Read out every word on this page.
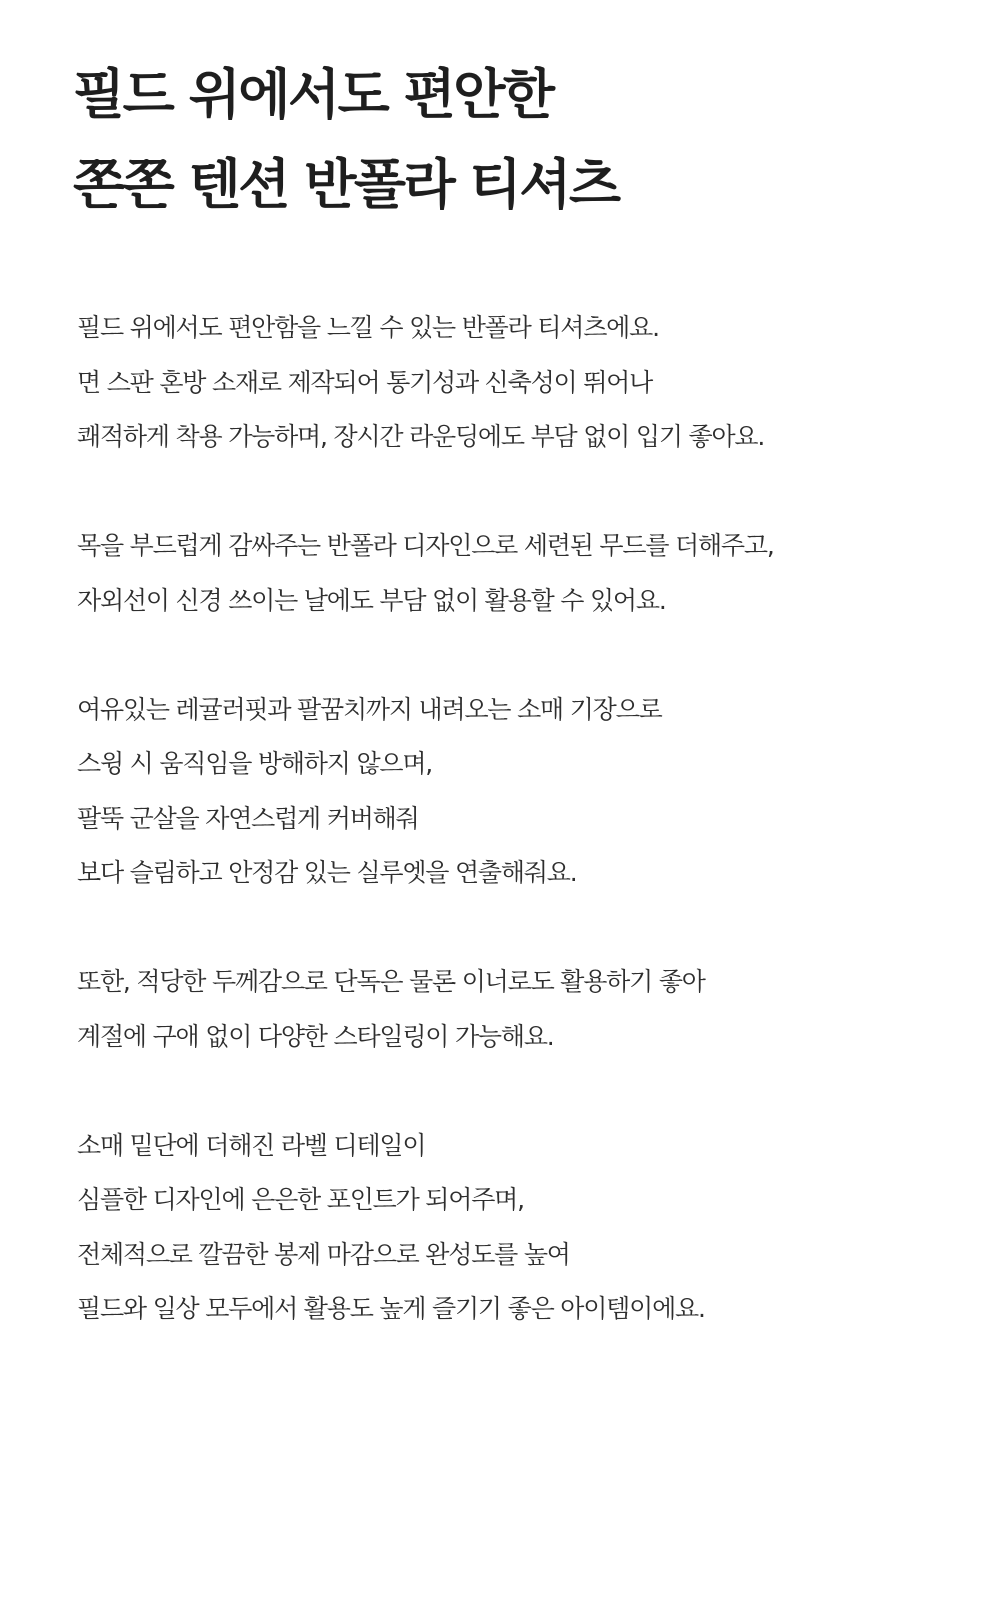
필드 위에서도 편안한
쫀쫀 텐션 반폴라 티셔츠

필드 위에서도 편안함을 느낄 수 있는 반폴라 티셔츠에요.
면 스판 혼방 소재로 제작되어 통기성과 신축성이 뛰어나
쾌적하게 착용 가능하며, 장시간 라운딩에도 부담 없이 입기 좋아요.

목을 부드럽게 감싸주는 반폴라 디자인으로 세련된 무드를 더해주고,
자외선이 신경 쓰이는 날에도 부담 없이 활용할 수 있어요.

여유있는 레귤러핏과 팔꿈치까지 내려오는 소매 기장으로
스윙 시 움직임을 방해하지 않으며,
팔뚝 군살을 자연스럽게 커버해줘
보다 슬림하고 안정감 있는 실루엣을 연출해줘요.

또한, 적당한 두께감으로 단독은 물론 이너로도 활용하기 좋아
계절에 구애 없이 다양한 스타일링이 가능해요.

소매 밑단에 더해진 라벨 디테일이
심플한 디자인에 은은한 포인트가 되어주며,
전체적으로 깔끔한 봉제 마감으로 완성도를 높여
필드와 일상 모두에서 활용도 높게 즐기기 좋은 아이템이에요.
